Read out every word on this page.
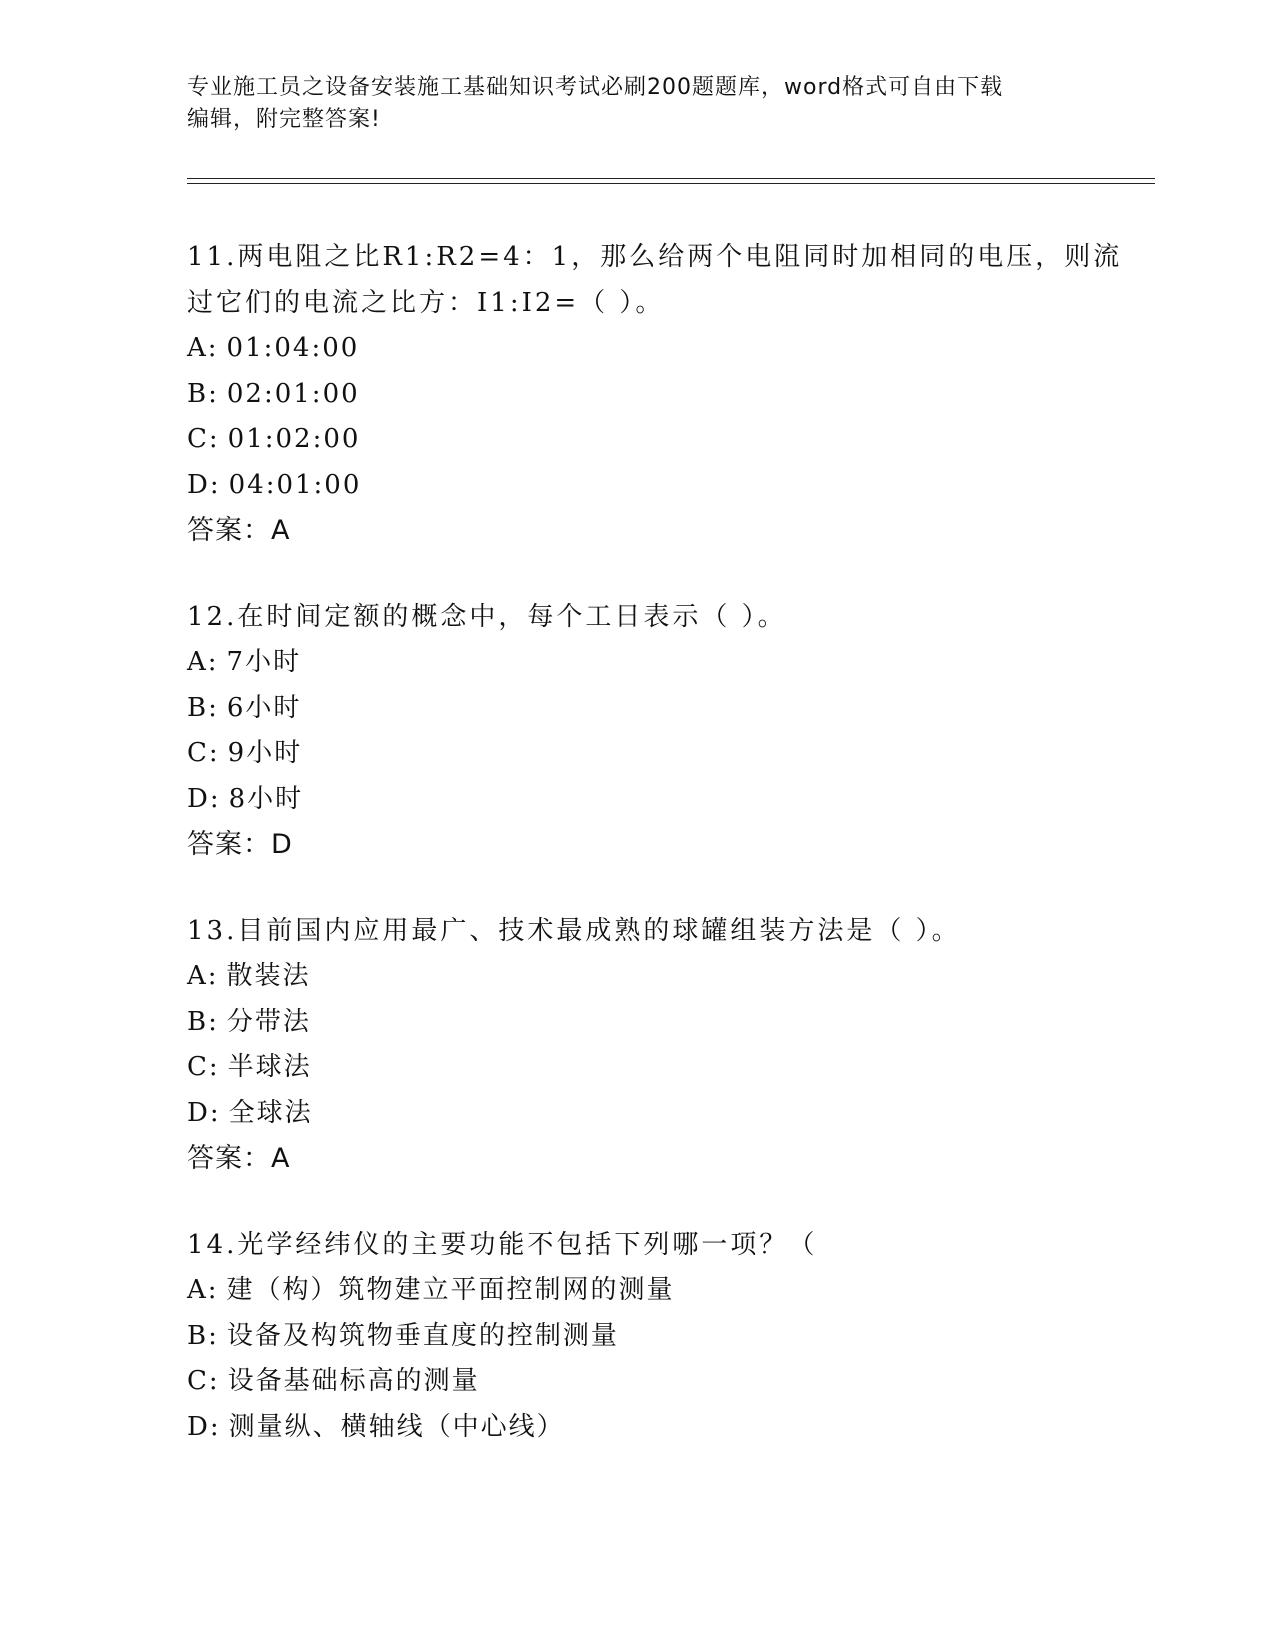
专业施工员之设备安装施工基础知识考试必刷200题题库，word格式可自由下载
编辑，附完整答案!
11.两电阻之比R1:R2=4：1，那么给两个电阻同时加相同的电压，则流
过它们的电流之比方：I1:I2=（ ）。
A: 01:04:00
B: 02:01:00
C: 01:02:00
D: 04:01:00
答案：A
12.在时间定额的概念中，每个工日表示（ ）。
A: 7小时
B: 6小时
C: 9小时
D: 8小时
答案：D
13.目前国内应用最广、技术最成熟的球罐组装方法是（ ）。
A: 散装法
B: 分带法
C: 半球法
D: 全球法
答案：A
14.光学经纬仪的主要功能不包括下列哪一项？（
A: 建（构）筑物建立平面控制网的测量
B: 设备及构筑物垂直度的控制测量
C: 设备基础标高的测量
D: 测量纵、横轴线（中心线）
